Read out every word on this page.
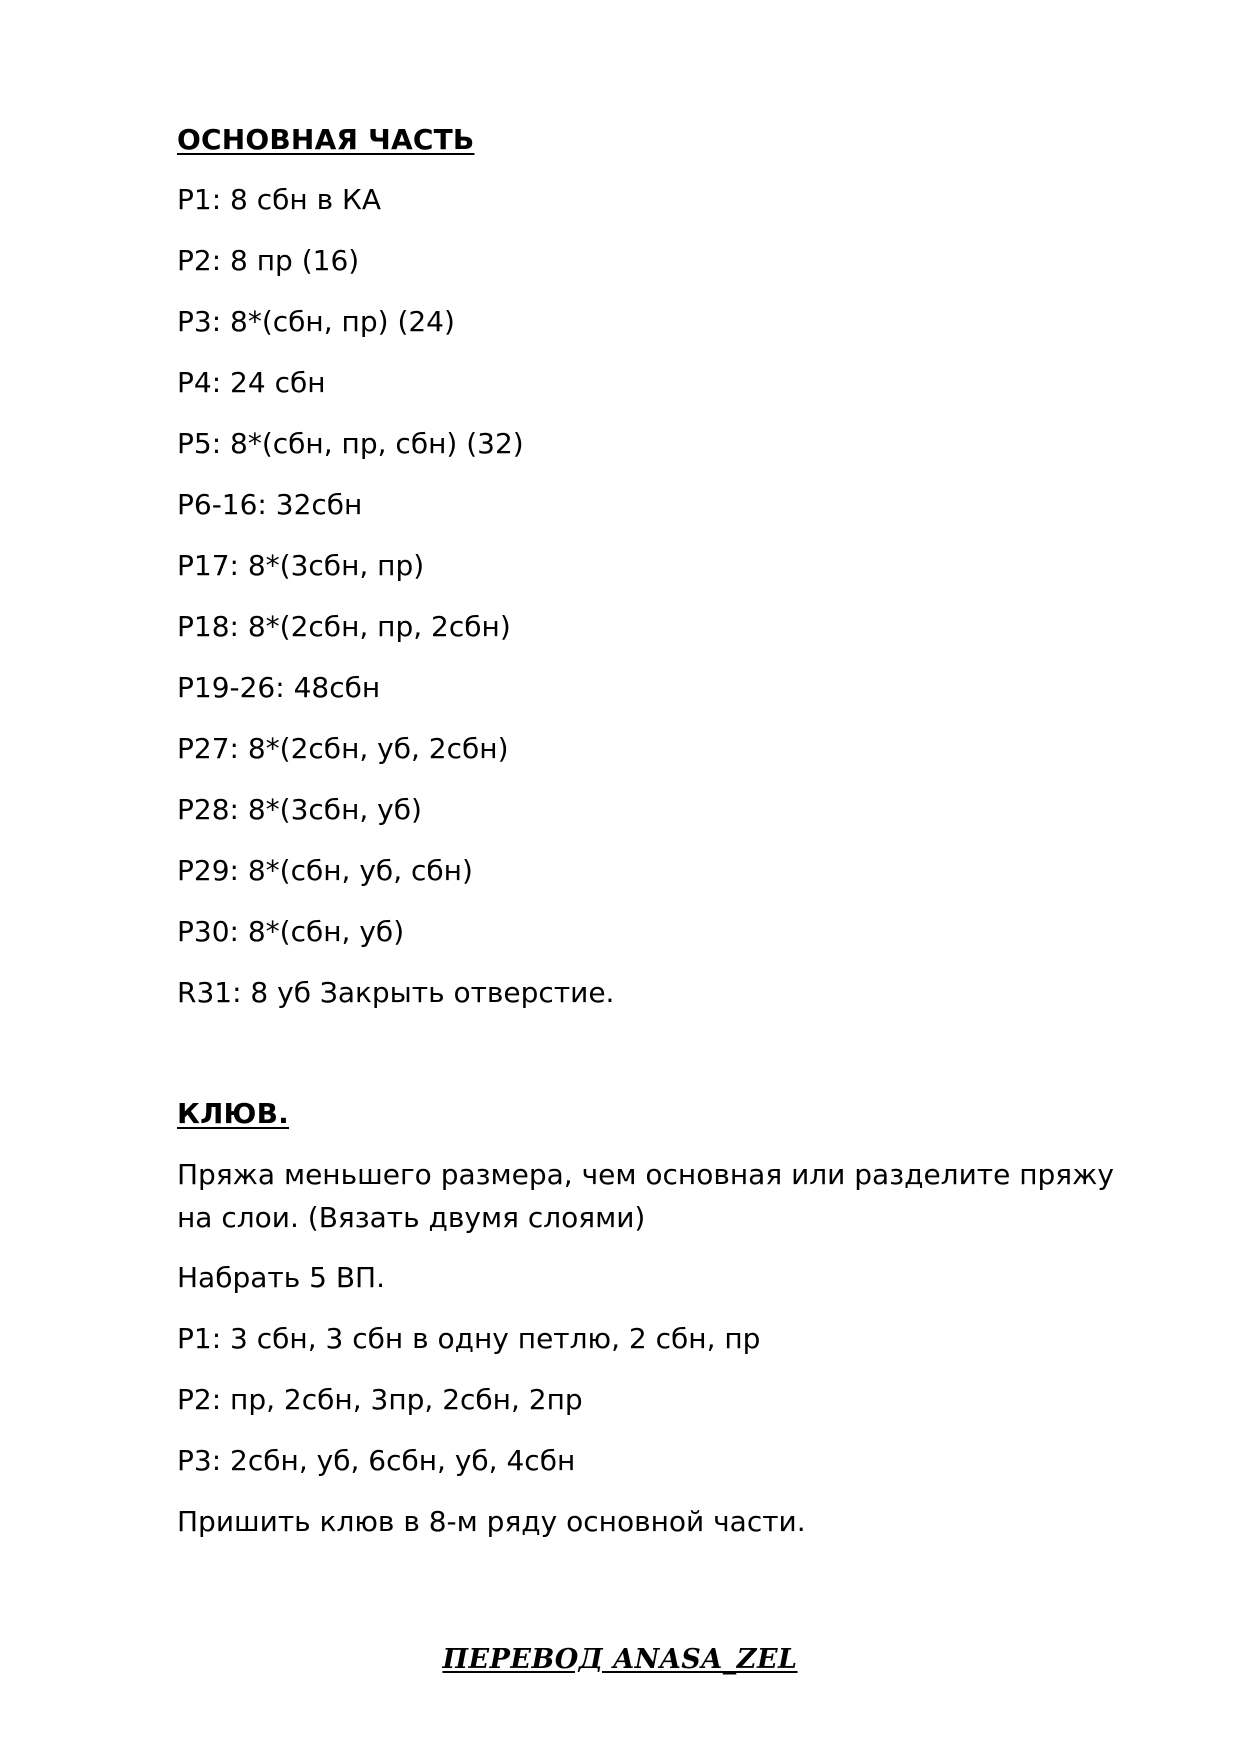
ОСНОВНАЯ ЧАСТЬ

Р1: 8 сбн в КА

Р2: 8 пр (16)

Р3: 8*(сбн, пр) (24)

Р4: 24 сбн

Р5: 8*(сбн, пр, сбн) (32)

Р6-16: 32сбн

Р17: 8*(3сбн, пр)

Р18: 8*(2сбн, пр, 2сбн)

Р19-26: 48сбн

Р27: 8*(2сбн, уб, 2сбн)

Р28: 8*(3сбн, уб)

Р29: 8*(сбн, уб, сбн)

Р30: 8*(сбн, уб)

R31: 8 уб Закрыть отверстие.

КЛЮВ.

Пряжа меньшего размера, чем основная или разделите пряжу на слои. (Вязать двумя слоями)

Набрать 5 ВП.

Р1: 3 сбн, 3 сбн в одну петлю, 2 сбн, пр

Р2: пр, 2сбн, 3пр, 2сбн, 2пр

Р3: 2сбн, уб, 6сбн, уб, 4сбн

Пришить клюв в 8-м ряду основной части.

ПЕРЕВОД ANASA_ZEL
